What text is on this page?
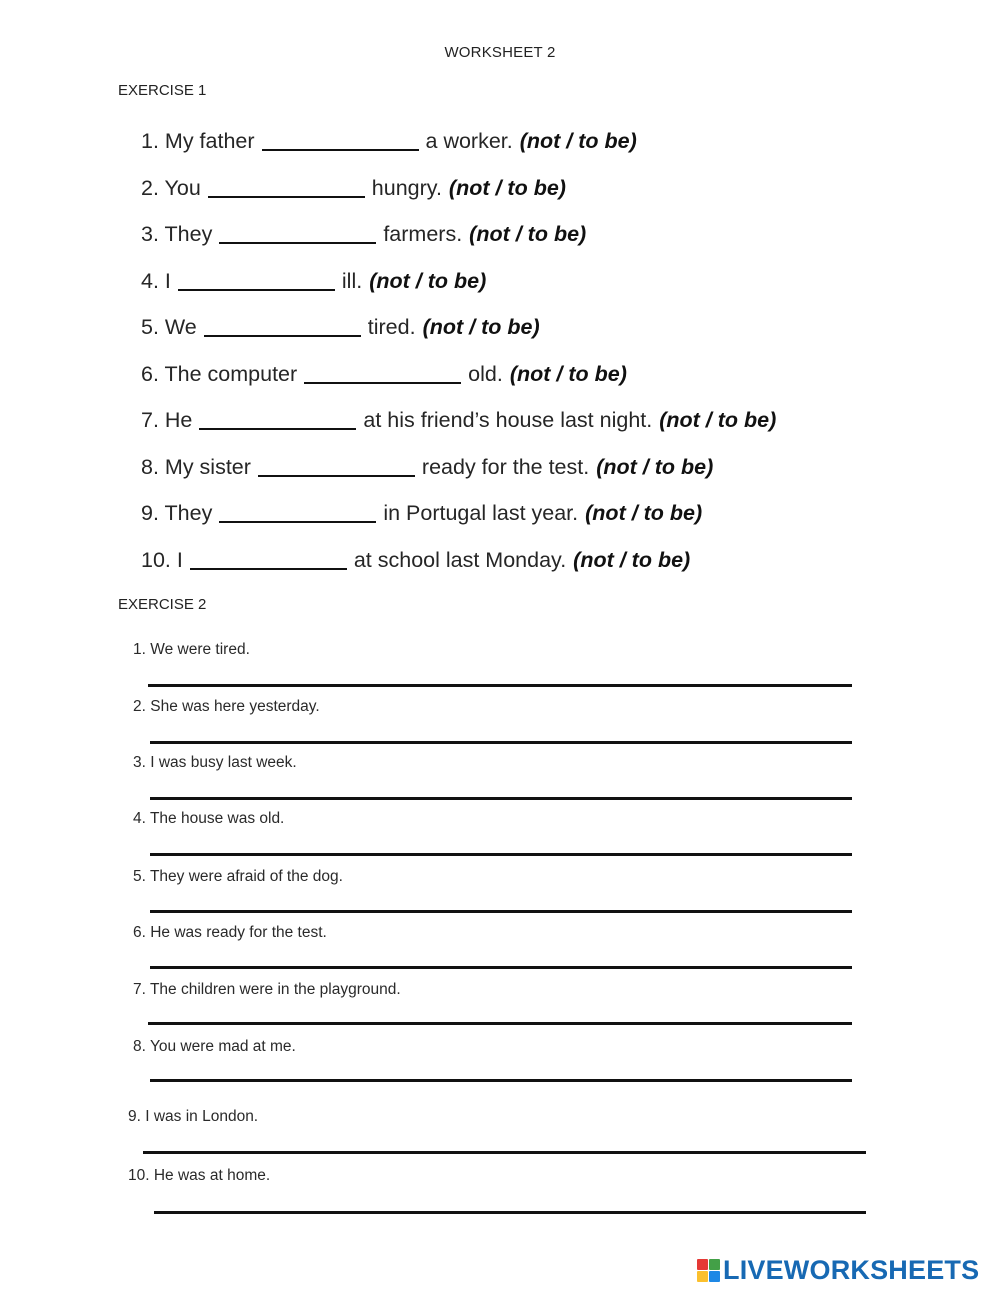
WORKSHEET 2
EXERCISE 1
1. My father	a worker. (not / to be)
2. You	hungry. (not / to be)
3. They	farmers. (not / to be)
4. I	ill. (not / to be)
5. We	tired. (not / to be)
6. The computer	old. (not / to be)
7. He	at his friend’s house last night. (not / to be)
8. My sister	ready for the test. (not / to be)
9. They	in Portugal last year. (not / to be)
10. I	at school last Monday. (not / to be)
EXERCISE 2
1. We were tired.
2. She was here yesterday.
3. I was busy last week.
4. The house was old.
5. They were afraid of the dog.
6. He was ready for the test.
7. The children were in the playground.
8. You were mad at me.
9. I was in London.
10. He was at home.
LIVEWORKSHEETS
